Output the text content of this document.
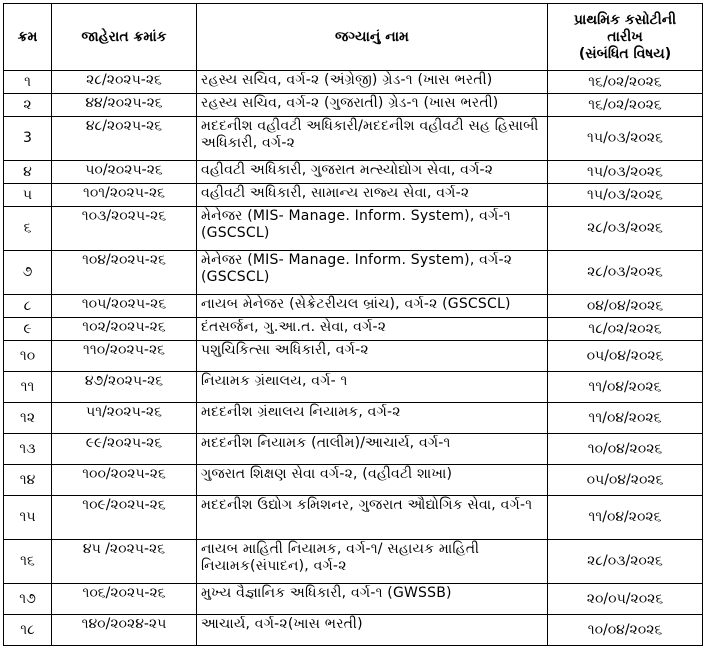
ક્રમ	જાહેરાત ક્રમાંક	જગ્યાનું નામ	પ્રાથમિક કસોટીની
તારીખ
(સંબંધિત વિષય)

૧	૨૮/૨૦૨૫-૨૬	રહસ્ય સચિવ, વર્ગ-૨ (અંગ્રેજી) ગ્રેડ-૧ (ખાસ ભરતી)	૧૬/૦૨/૨૦૨૬
૨	૪૪/૨૦૨૫-૨૬	રહસ્ય સચિવ, વર્ગ-૨ (ગુજરાતી) ગ્રેડ-૧ (ખાસ ભરતી)	૧૬/૦૨/૨૦૨૬
3	૪૮/૨૦૨૫-૨૬	મદદનીશ વહીવટી અધિકારી/મદદનીશ વહીવટી સહ હિસાબી અધિકારી, વર્ગ-૨	૧૫/૦૩/૨૦૨૬
૪	૫૦/૨૦૨૫-૨૬	વહીવટી અધિકારી, ગુજરાત મત્સ્યોદ્યોગ સેવા, વર્ગ-૨	૧૫/૦૩/૨૦૨૬
૫	૧૦૧/૨૦૨૫-૨૬	વહીવટી અધિકારી, સામાન્ય રાજ્ય સેવા, વર્ગ-૨	૧૫/૦૩/૨૦૨૬
૬	૧૦૩/૨૦૨૫-૨૬	મેનેજર (MIS- Manage. Inform. System), વર્ગ-૧ (GSCSCL)	૨૮/૦૩/૨૦૨૬
૭	૧૦૪/૨૦૨૫-૨૬	મેનેજર (MIS- Manage. Inform. System), વર્ગ-૨ (GSCSCL)	૨૮/૦૩/૨૦૨૬
૮	૧૦૫/૨૦૨૫-૨૬	નાયબ મેનેજર (સેક્રેટરીયલ બ્રાંચ), વર્ગ-૨ (GSCSCL)	૦૪/૦૪/૨૦૨૬
૯	૧૦૨/૨૦૨૫-૨૬	દંતસર્જન, ગુ.આ.ત. સેવા, વર્ગ-૨	૧૮/૦૨/૨૦૨૬
૧૦	૧૧૦/૨૦૨૫-૨૬	પશુચિકિત્સા અધિકારી, વર્ગ-૨	૦૫/૦૪/૨૦૨૬
૧૧	૪૭/૨૦૨૫-૨૬	નિયામક ગ્રંથાલય, વર્ગ- ૧	૧૧/૦૪/૨૦૨૬
૧૨	૫૧/૨૦૨૫-૨૬	મદદનીશ ગ્રંથાલય નિયામક, વર્ગ-૨	૧૧/૦૪/૨૦૨૬
૧૩	૯૯/૨૦૨૫-૨૬	મદદનીશ નિયામક (તાલીમ)/આચાર્ય, વર્ગ-૧	૧૦/૦૪/૨૦૨૬
૧૪	૧૦૦/૨૦૨૫-૨૬	ગુજરાત શિક્ષણ સેવા વર્ગ-૨, (વહીવટી શાખા)	૦૫/૦૪/૨૦૨૬
૧૫	૧૦૯/૨૦૨૫-૨૬	મદદનીશ ઉદ્યોગ કમિશનર, ગુજરાત ઔદ્યોગિક સેવા, વર્ગ-૧	૧૧/૦૪/૨૦૨૬
૧૬	૪૫ /૨૦૨૫-૨૬	નાયબ માહિતી નિયામક, વર્ગ-૧/ સહાયક માહિતી નિયામક(સંપાદન), વર્ગ-૨	૨૮/૦૩/૨૦૨૬
૧૭	૧૦૬/૨૦૨૫-૨૬	મુખ્ય વૈજ્ઞાનિક અધિકારી, વર્ગ-૧ (GWSSB)	૨૦/૦૫/૨૦૨૬
૧૮	૧૪૦/૨૦૨૪-૨૫	આચાર્ય, વર્ગ-૨(ખાસ ભરતી)	૧૦/૦૪/૨૦૨૬
